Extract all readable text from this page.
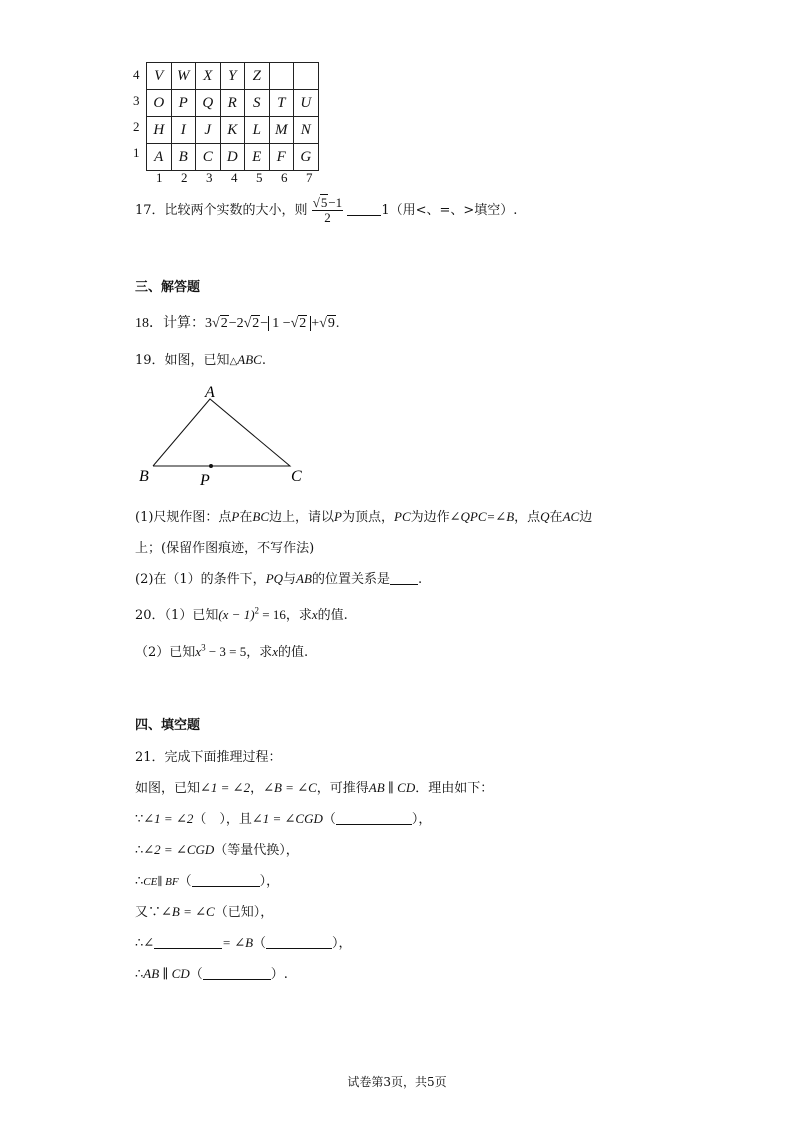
4
3
2
1
V	W	X	Y	Z		
O	P	Q	R	S	T	U
H	I	J	K	L	M	N
A	B	C	D	E	F	G
1 2 3 4 5 6 7
17．比较两个实数的大小，则 $\frac{√5-1}{2}$	1（用<、=、>填空）.
三、解答题
18．计算：3√2−2√2− 1 −√2 +√9.
19．如图，已知△ABC.
A
B	C
P
(1)尺规作图：点P在BC边上，请以P为顶点，PC为边作∠QPC=∠B，点Q在AC边
上；(保留作图痕迹，不写作法)
(2)在（1）的条件下，PQ与AB的位置关系是 .
20．（1）已知$(x - 1)^2 = 16$，求x的值.
（2）已知$x^3 - 3 = 5$，求x的值.
四、填空题
21．完成下面推理过程：
如图，已知∠1 = ∠2，∠B = ∠C，可推得AB ∥ CD．理由如下：
∵∠1 = ∠2（　），且∠1 = ∠CGD（	），
∴∠2 = ∠CGD（等量代换），
∴CE∥ BF（	），
又∵∠B = ∠C（已知），
∴∠	= ∠B（	），
∴AB ∥ CD（	）.
试卷第3页，共5页
